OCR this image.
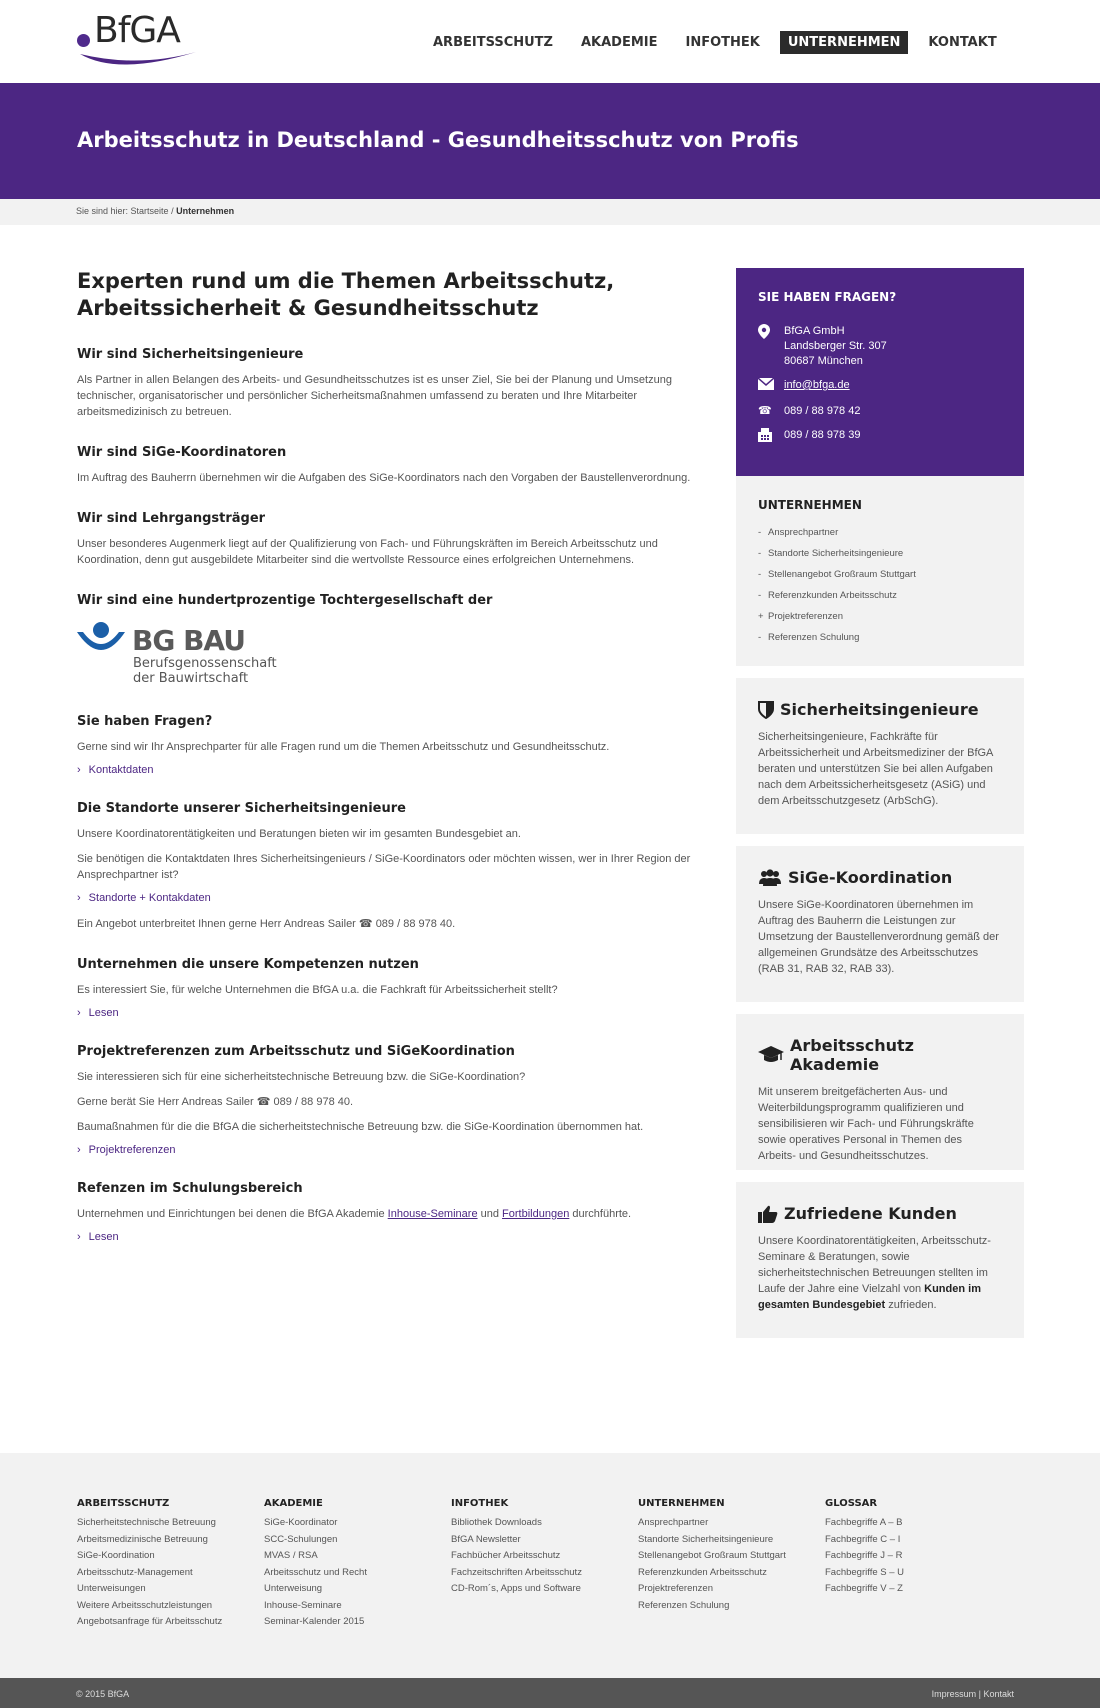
BfGA	ARBEITSSCHUTZ	AKADEMIE	INFOTHEK	UNTERNEHMEN	KONTAKT
Arbeitsschutz in Deutschland - Gesundheitsschutz von Profis
Sie sind hier: Startseite / Unternehmen
Experten rund um die Themen Arbeitsschutz, Arbeitssicherheit & Gesundheitsschutz
Wir sind Sicherheitsingenieure

Als Partner in allen Belangen des Arbeits- und Gesundheitsschutzes ist es unser Ziel, Sie bei der Planung und Umsetzung technischer, organisatorischer und persönlicher Sicherheitsmaßnahmen umfassend zu beraten und Ihre Mitarbeiter arbeitsmedizinisch zu betreuen.

Wir sind SiGe-Koordinatoren

Im Auftrag des Bauherrn übernehmen wir die Aufgaben des SiGe-Koordinators nach den Vorgaben der Baustellenverordnung.

Wir sind Lehrgangsträger

Unser besonderes Augenmerk liegt auf der Qualifizierung von Fach- und Führungskräften im Bereich Arbeitsschutz und Koordination, denn gut ausgebildete Mitarbeiter sind die wertvollste Ressource eines erfolgreichen Unternehmens.

Wir sind eine hundertprozentige Tochtergesellschaft der
BG BAU
Berufsgenossenschaft
der Bauwirtschaft
Sie haben Fragen?

Gerne sind wir Ihr Ansprechparter für alle Fragen rund um die Themen Arbeitsschutz und Gesundheitsschutz.

› Kontaktdaten
Die Standorte unserer Sicherheitsingenieure

Unsere Koordinatorentätigkeiten und Beratungen bieten wir im gesamten Bundesgebiet an.

Sie benötigen die Kontaktdaten Ihres Sicherheitsingenieurs / SiGe-Koordinators oder möchten wissen, wer in Ihrer Region der Ansprechpartner ist?

› Standorte + Kontakdaten

Ein Angebot unterbreitet Ihnen gerne Herr Andreas Sailer ☎ 089 / 88 978 40.

Unternehmen die unsere Kompetenzen nutzen

Es interessiert Sie, für welche Unternehmen die BfGA u.a. die Fachkraft für Arbeitssicherheit stellt?

› Lesen
Projektreferenzen zum Arbeitsschutz und SiGeKoordination

Sie interessieren sich für eine sicherheitstechnische Betreuung bzw. die SiGe-Koordination?

Gerne berät Sie Herr Andreas Sailer ☎ 089 / 88 978 40.

Baumaßnahmen für die die BfGA die sicherheitstechnische Betreuung bzw. die SiGe-Koordination übernommen hat.

› Projektreferenzen
Refenzen im Schulungsbereich

Unternehmen und Einrichtungen bei denen die BfGA Akademie Inhouse-Seminare und Fortbildungen durchführte.

› Lesen
SIE HABEN FRAGEN?
BfGA GmbH
Landsberger Str. 307
80687 München
info@bfga.de
☎	089 / 88 978 42
089 / 88 978 39
UNTERNEHMEN
- Ansprechpartner
- Standorte Sicherheitsingenieure
- Stellenangebot Großraum Stuttgart
- Referenzkunden Arbeitsschutz
+ Projektreferenzen
- Referenzen Schulung
Sicherheitsingenieure

Sicherheitsingenieure, Fachkräfte für Arbeitssicherheit und Arbeitsmediziner der BfGA beraten und unterstützen Sie bei allen Aufgaben nach dem Arbeitssicherheitsgesetz (ASiG) und dem Arbeitsschutzgesetz (ArbSchG).

SiGe-Koordination

Unsere SiGe-Koordinatoren übernehmen im Auftrag des Bauherrn die Leistungen zur Umsetzung der Baustellenverordnung gemäß der allgemeinen Grundsätze des Arbeitsschutzes (RAB 31, RAB 32, RAB 33).

Arbeitsschutz Akademie

Mit unserem breitgefächerten Aus- und Weiterbildungsprogramm qualifizieren und sensibilisieren wir Fach- und Führungskräfte sowie operatives Personal in Themen des Arbeits- und Gesundheitsschutzes.

Zufriedene Kunden

Unsere Koordinatorentätigkeiten, Arbeitsschutz-Seminare & Beratungen, sowie sicherheitstechnischen Betreuungen stellten im Laufe der Jahre eine Vielzahl von Kunden im gesamten Bundesgebiet zufrieden.

ARBEITSSCHUTZ
Sicherheitstechnische Betreuung
Arbeitsmedizinische Betreuung
SiGe-Koordination
Arbeitsschutz-Management
Unterweisungen
Weitere Arbeitsschutzleistungen
Angebotsanfrage für Arbeitsschutz
AKADEMIE
SiGe-Koordinator
SCC-Schulungen
MVAS / RSA
Arbeitsschutz und Recht
Unterweisung
Inhouse-Seminare
Seminar-Kalender 2015
INFOTHEK
Bibliothek Downloads
BfGA Newsletter
Fachbücher Arbeitsschutz
Fachzeitschriften Arbeitsschutz
CD-Rom´s, Apps und Software
UNTERNEHMEN
Ansprechpartner
Standorte Sicherheitsingenieure
Stellenangebot Großraum Stuttgart
Referenzkunden Arbeitsschutz
Projektreferenzen
Referenzen Schulung
GLOSSAR
Fachbegriffe A – B
Fachbegriffe C – I
Fachbegriffe J – R
Fachbegriffe S – U
Fachbegriffe V – Z
© 2015 BfGA	Impressum | Kontakt
